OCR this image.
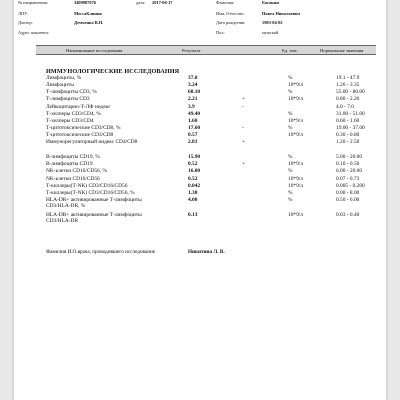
№ направления:	3409987076	дата: 2017-06-17	Фамилия:	Богакин
ЛПУ:	МессаКлиник	Имя, Отчество:	Павел Николаевич
Доктор:	Демченко В.Н.	Дата рождения:	1983-04-02
Адрес пациента:	Пол:	мужской
Наименование исследования	Результат	Ед. изм.	Нормальные значения
ИММУНОЛОГИЧЕСКИЕ ИССЛЕДОВАНИЯ
Лимфоциты, %	37.8	%	19.1 - 47.9
Лимфоциты	3.24	10*9/л	1.26 - 3.35
Т-лимфоциты CD3, %	68.10	%	55.00 - 80.00
Т-лимфоциты CD3	2.21	+	10*9/л	0.80 - 2.20
Лейкоцитарно-Т-ЛФ индекс	3.9	-	4.0 - 7.0
Т-хелперы CD3/CD4, %	49.40	%	31.00 - 51.00
Т-хелперы CD3/CD4	1.60	10*9/л	0.60 - 1.60
Т-цитотоксические CD3/CD8, %	17.60	-	%	19.00 - 37.00
Т-цитотоксические CD3/CD8	0.57	10*9/л	0.30 - 0.80
Иммунорегуляторный индекс CD4/CD8	2.81	+	1.20 - 2.50
В-лимфоциты CD19, %	15.90	%	5.00 - 20.00
В-лимфоциты CD19	0.52	+	10*9/л	0.10 - 0.50
NK-клетки CD16/CD56, %	16.00	%	6.00 - 20.00
NK-клетки CD16/CD56	0.52	10*9/л	0.07 - 0.73
Т-киллеры(Т-NK) CD3/CD16/CD56	0.042	10*9/л	0.005 - 0.200
Т-киллеры(Т-NK) CD3/CD16/CD56, %	1.30	%	0.00 - 8.00
HLA-DR+ активированные Т-лимфоциты CD3/HLA-DR, %
4.00	%	0.50 - 6.00
HLA-DR+ активированные Т-лимфоциты CD3/HLA-DR
0.13	10*9/л	0.03 - 0.40
Фамилия И.О.врача, проводившего исследование	Никитина Л. В.
